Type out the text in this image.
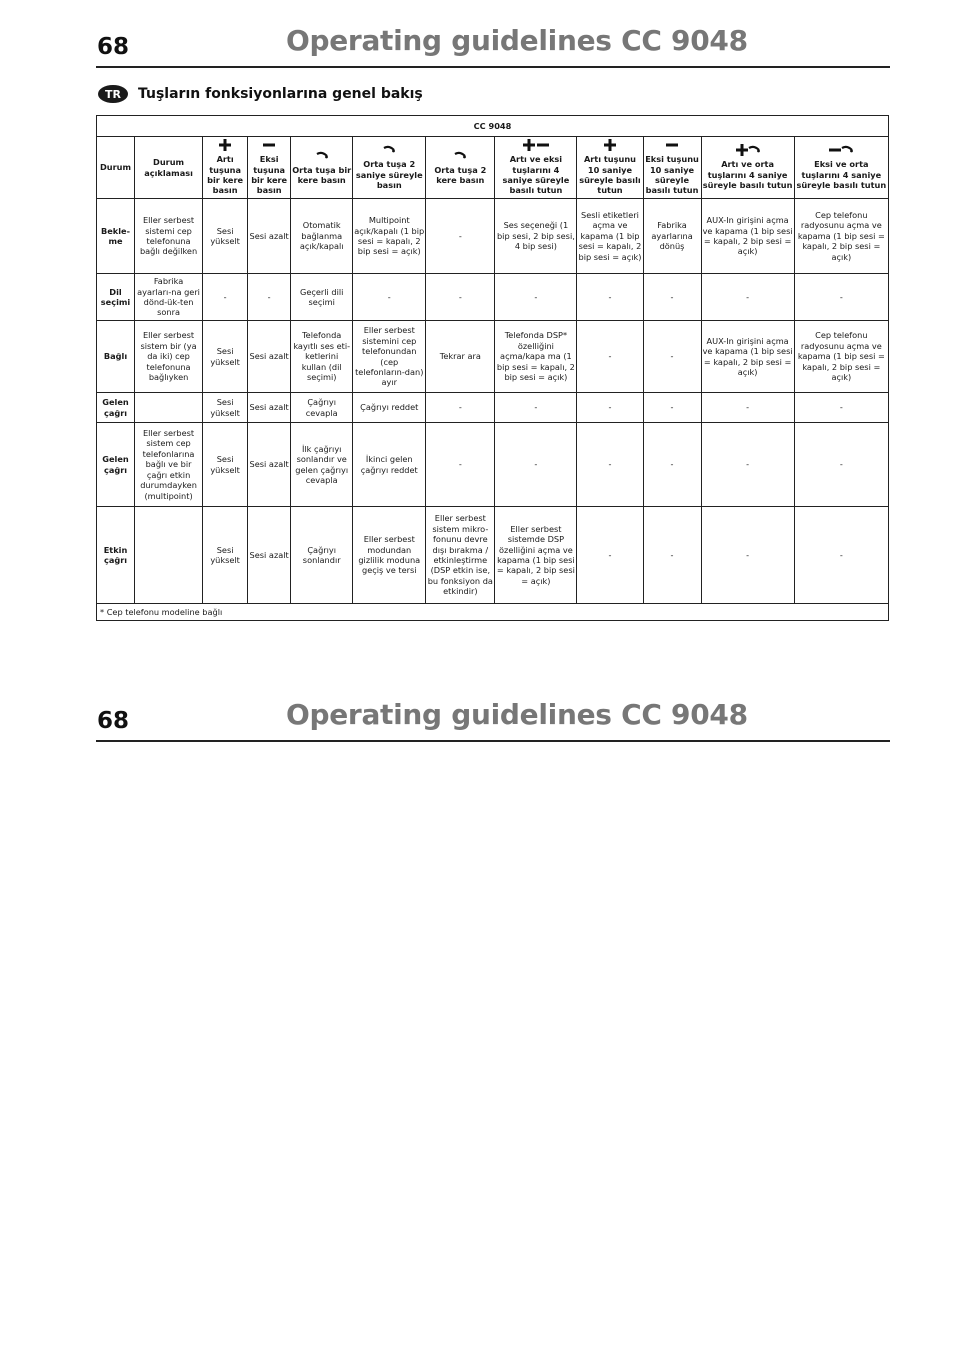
68	Operating guidelines CC 9048
TR	Tuşların fonksiyonlarına genel bakış
CC 9048											
Durum	Durum açıklaması	Artı tuşuna bir kere basın	Eksi tuşuna bir kere basın	Orta tuşa bir kere basın	Orta tuşa 2 saniye süreyle basın	Orta tuşa 2 kere basın	Artı ve eksi tuşlarını 4 saniye süreyle basılı tutun	Artı tuşunu 10 saniye süreyle basılı tutun	Eksi tuşunu 10 saniye süreyle basılı tutun	Artı ve orta tuşlarını 4 saniye süreyle basılı tutun	Eksi ve orta tuşlarını 4 saniye süreyle basılı tutun
Bekle-me	Eller serbest sistemi cep telefonuna bağlı değilken	Sesi yükselt	Sesi azalt	Otomatik bağlanma açık/kapalı	Multipoint açık/kapalı (1 bip sesi = kapalı, 2 bip sesi = açık)	-	Ses seçeneği (1 bip sesi, 2 bip sesi, 4 bip sesi)	Sesli etiketleri açma ve kapama (1 bip sesi = kapalı, 2 bip sesi = açık)	Fabrika ayarlarına dönüş	AUX-In girişini açma ve kapama (1 bip sesi = kapalı, 2 bip sesi = açık)	Cep telefonu radyosunu açma ve kapama (1 bip sesi = kapalı, 2 bip sesi = açık)
Dil seçimi	Fabrika ayarları-na geri dönd-ük-ten sonra	-	-	Geçerli dili seçimi	-	-	-	-	-	-	-
Bağlı	Eller serbest sistem bir (ya da iki) cep telefonuna bağlıyken	Sesi yükselt	Sesi azalt	Telefonda kayıtlı ses eti-ketlerini kullan (dil seçimi)	Eller serbest sistemini cep telefonundan (cep telefonların-dan) ayır	Tekrar ara	Telefonda DSP* özelliğini açma/kapa ma (1 bip sesi = kapalı, 2 bip sesi = açık)	-	-	AUX-In girişini açma ve kapama (1 bip sesi = kapalı, 2 bip sesi = açık)	Cep telefonu radyosunu açma ve kapama (1 bip sesi = kapalı, 2 bip sesi = açık)
Gelen çağrı		Sesi yükselt	Sesi azalt	Çağrıyı cevapla	Çağrıyı reddet	-	-	-	-	-	-
Gelen çağrı	Eller serbest sistem cep telefonlarına bağlı ve bir çağrı etkin durumdayken (multipoint)	Sesi yükselt	Sesi azalt	İlk çağrıyı sonlandır ve gelen çağrıyı cevapla	İkinci gelen çağrıyı reddet	-	-	-	-	-	-
Etkin çağrı		Sesi yükselt	Sesi azalt	Çağrıyı sonlandır	Eller serbest modundan gizlilik moduna geçiş ve tersi	Eller serbest sistem mikro-fonunu devre dışı bırakma / etkinleştirme (DSP etkin ise, bu fonksiyon da etkindir)	Eller serbest sistemde DSP özelliğini açma ve kapama (1 bip sesi = kapalı, 2 bip sesi = açık)	-	-	-	-
* Cep telefonu modeline bağlı											
68	Operating guidelines CC 9048
